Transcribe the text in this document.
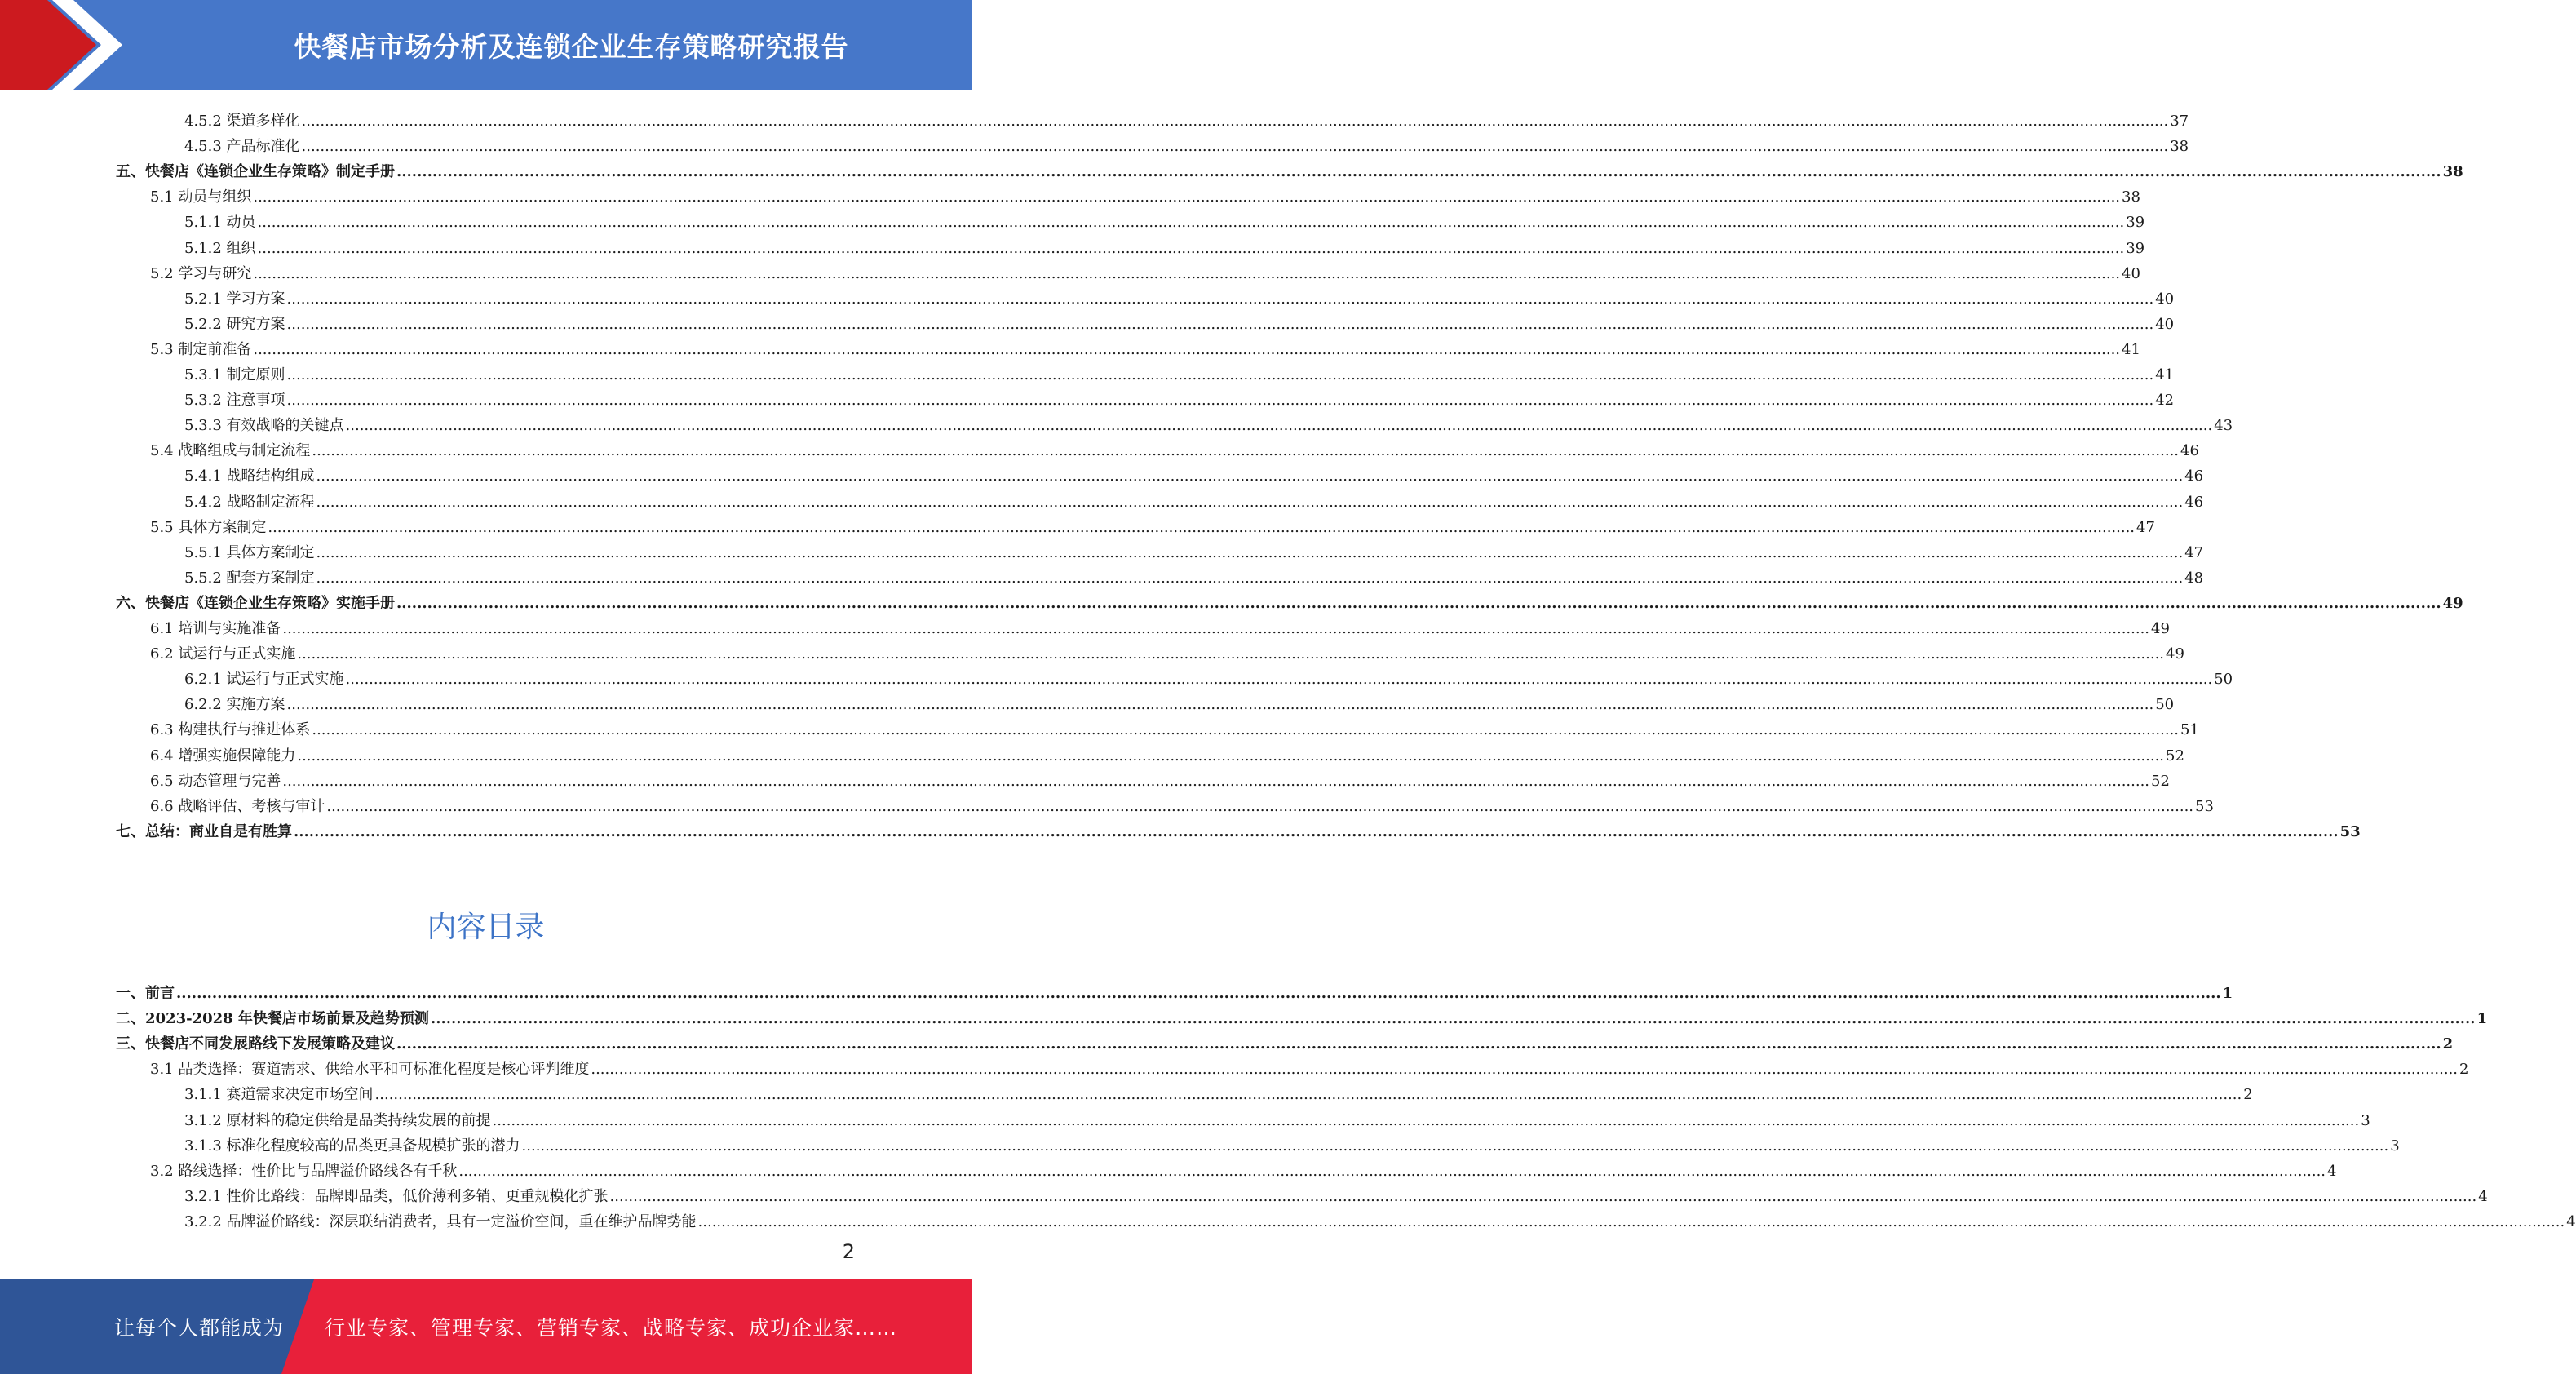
快餐店市场分析及连锁企业生存策略研究报告
4.5.2 渠道多样化 ................................................................................................................................................................................................................................................................................................................................................................................................................ 37
4.5.3 产品标准化 ................................................................................................................................................................................................................................................................................................................................................................................................................ 38
五、快餐店《连锁企业生存策略》制定手册 ................................................................................................................................................................................................................................................................................................................................................................................................................ 38
5.1 动员与组织 ................................................................................................................................................................................................................................................................................................................................................................................................................ 38
5.1.1 动员 ................................................................................................................................................................................................................................................................................................................................................................................................................ 39
5.1.2 组织 ................................................................................................................................................................................................................................................................................................................................................................................................................ 39
5.2 学习与研究 ................................................................................................................................................................................................................................................................................................................................................................................................................ 40
5.2.1 学习方案 ................................................................................................................................................................................................................................................................................................................................................................................................................ 40
5.2.2 研究方案 ................................................................................................................................................................................................................................................................................................................................................................................................................ 40
5.3 制定前准备 ................................................................................................................................................................................................................................................................................................................................................................................................................ 41
5.3.1 制定原则 ................................................................................................................................................................................................................................................................................................................................................................................................................ 41
5.3.2 注意事项 ................................................................................................................................................................................................................................................................................................................................................................................................................ 42
5.3.3 有效战略的关键点 ................................................................................................................................................................................................................................................................................................................................................................................................................ 43
5.4 战略组成与制定流程 ................................................................................................................................................................................................................................................................................................................................................................................................................ 46
5.4.1 战略结构组成 ................................................................................................................................................................................................................................................................................................................................................................................................................ 46
5.4.2 战略制定流程 ................................................................................................................................................................................................................................................................................................................................................................................................................ 46
5.5 具体方案制定 ................................................................................................................................................................................................................................................................................................................................................................................................................ 47
5.5.1 具体方案制定 ................................................................................................................................................................................................................................................................................................................................................................................................................ 47
5.5.2 配套方案制定 ................................................................................................................................................................................................................................................................................................................................................................................................................ 48
六、快餐店《连锁企业生存策略》实施手册 ................................................................................................................................................................................................................................................................................................................................................................................................................ 49
6.1 培训与实施准备 ................................................................................................................................................................................................................................................................................................................................................................................................................ 49
6.2 试运行与正式实施 ................................................................................................................................................................................................................................................................................................................................................................................................................ 49
6.2.1 试运行与正式实施 ................................................................................................................................................................................................................................................................................................................................................................................................................ 50
6.2.2 实施方案 ................................................................................................................................................................................................................................................................................................................................................................................................................ 50
6.3 构建执行与推进体系 ................................................................................................................................................................................................................................................................................................................................................................................................................ 51
6.4 增强实施保障能力 ................................................................................................................................................................................................................................................................................................................................................................................................................ 52
6.5 动态管理与完善 ................................................................................................................................................................................................................................................................................................................................................................................................................ 52
6.6 战略评估、考核与审计 ................................................................................................................................................................................................................................................................................................................................................................................................................ 53
七、总结：商业自是有胜算 ................................................................................................................................................................................................................................................................................................................................................................................................................ 53
内容目录
一、前言 ................................................................................................................................................................................................................................................................................................................................................................................................................ 1
二、2023-2028 年快餐店市场前景及趋势预测 ................................................................................................................................................................................................................................................................................................................................................................................................................ 1
三、快餐店不同发展路线下发展策略及建议 ................................................................................................................................................................................................................................................................................................................................................................................................................ 2
3.1 品类选择：赛道需求、供给水平和可标准化程度是核心评判维度 ................................................................................................................................................................................................................................................................................................................................................................................................................ 2
3.1.1 赛道需求决定市场空间 ................................................................................................................................................................................................................................................................................................................................................................................................................ 2
3.1.2 原材料的稳定供给是品类持续发展的前提 ................................................................................................................................................................................................................................................................................................................................................................................................................ 3
3.1.3 标准化程度较高的品类更具备规模扩张的潜力 ................................................................................................................................................................................................................................................................................................................................................................................................................ 3
3.2 路线选择：性价比与品牌溢价路线各有千秋 ................................................................................................................................................................................................................................................................................................................................................................................................................ 4
3.2.1 性价比路线：品牌即品类，低价薄利多销、更重规模化扩张 ................................................................................................................................................................................................................................................................................................................................................................................................................ 4
3.2.2 品牌溢价路线：深层联结消费者，具有一定溢价空间，重在维护品牌势能 ................................................................................................................................................................................................................................................................................................................................................................................................................ 4
2
让每个人都能成为 行业专家、管理专家、营销专家、战略专家、成功企业家……
